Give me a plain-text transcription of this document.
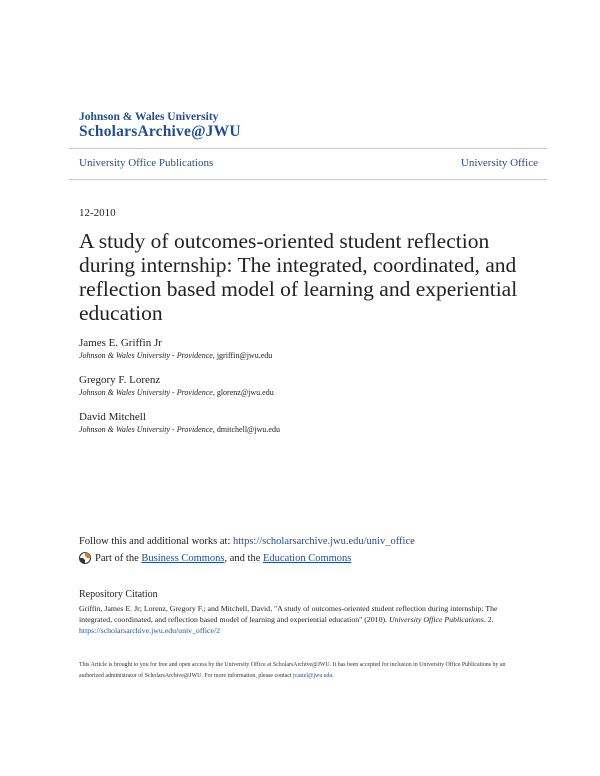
Johnson & Wales University
ScholarsArchive@JWU
University Office Publications	University Office
12-2010
A study of outcomes-oriented student reflection during internship: The integrated, coordinated, and reflection based model of learning and experiential education
James E. Griffin Jr
Johnson & Wales University - Providence, jgriffin@jwu.edu
Gregory F. Lorenz
Johnson & Wales University - Providence, glorenz@jwu.edu
David Mitchell
Johnson & Wales University - Providence, dmitchell@jwu.edu
Follow this and additional works at: https://scholarsarchive.jwu.edu/univ_office
Part of the
Business Commons , and the
Education Commons
Repository Citation
Griffin, James E. Jr; Lorenz, Gregory F.; and Mitchell, David, "A study of outcomes-oriented student reflection during internship: The integrated, coordinated, and reflection based model of learning and experiential education" (2010). University Office Publications. 2.
https://scholarsarchive.jwu.edu/univ_office/2
This Article is brought to you for free and open access by the University Office at ScholarsArchive@JWU. It has been accepted for inclusion in University Office Publications by an authorized administrator of ScholarsArchive@JWU. For more information, please contact jcastel@jwu.edu.
